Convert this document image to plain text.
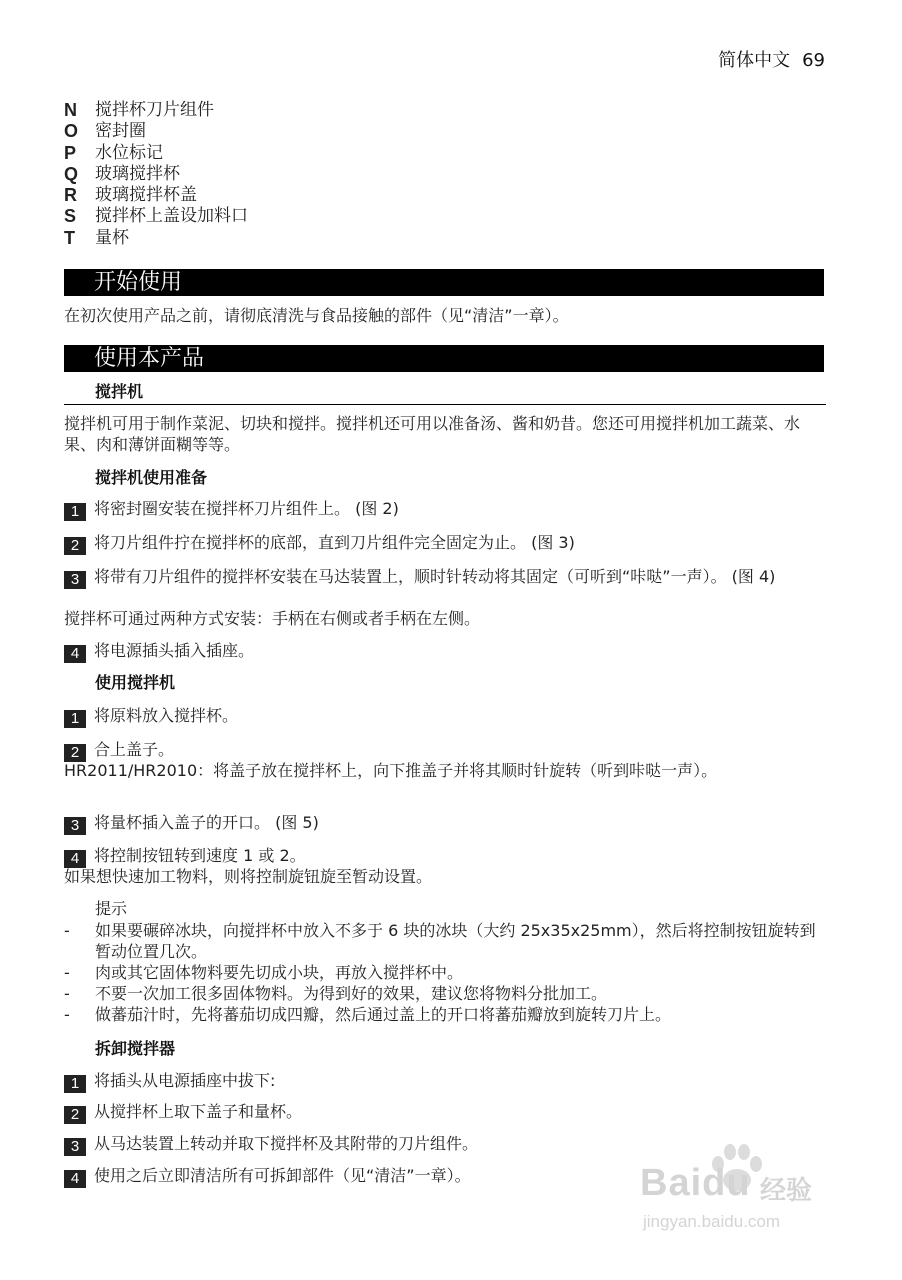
简体中文 69
N	搅拌杯刀片组件
O 密封圈
P	水位标记
Q 玻璃搅拌杯
R	玻璃搅拌杯盖
S	搅拌杯上盖设加料口
T	量杯
开始使用
在初次使用产品之前，请彻底清洗与食品接触的部件（见“清洁”一章）。
使用本产品
搅拌机
搅拌机可用于制作菜泥、切块和搅拌。搅拌机还可用以准备汤、酱和奶昔。您还可用搅拌机加工蔬菜、水果、肉和薄饼面糊等等。
搅拌机使用准备
1 将密封圈安装在搅拌杯刀片组件上。 (图 2)
2 将刀片组件拧在搅拌杯的底部，直到刀片组件完全固定为止。 (图 3)
3 将带有刀片组件的搅拌杯安装在马达装置上，顺时针转动将其固定（可听到“咔哒”一声）。 (图 4)
搅拌杯可通过两种方式安装：手柄在右侧或者手柄在左侧。
4 将电源插头插入插座。
使用搅拌机
1 将原料放入搅拌杯。
2 合上盖子。
HR2011/HR2010：将盖子放在搅拌杯上，向下推盖子并将其顺时针旋转（听到咔哒一声）。
3 将量杯插入盖子的开口。 (图 5)
4 将控制按钮转到速度 1 或 2。
如果想快速加工物料，则将控制旋钮旋至暂动设置。
提示
-	如果要碾碎冰块，向搅拌杯中放入不多于 6 块的冰块（大约 25x35x25mm），然后将控制按钮旋转到暂动位置几次。
-	肉或其它固体物料要先切成小块，再放入搅拌杯中。
-	不要一次加工很多固体物料。为得到好的效果，建议您将物料分批加工。
-	做蕃茄汁时，先将蕃茄切成四瓣，然后通过盖上的开口将蕃茄瓣放到旋转刀片上。
拆卸搅拌器
1 将插头从电源插座中拔下:
2 从搅拌杯上取下盖子和量杯。
3 从马达装置上转动并取下搅拌杯及其附带的刀片组件。
4 使用之后立即清洁所有可拆卸部件（见“清洁”一章）。	Baidu 经验
jingyan.baidu.com
